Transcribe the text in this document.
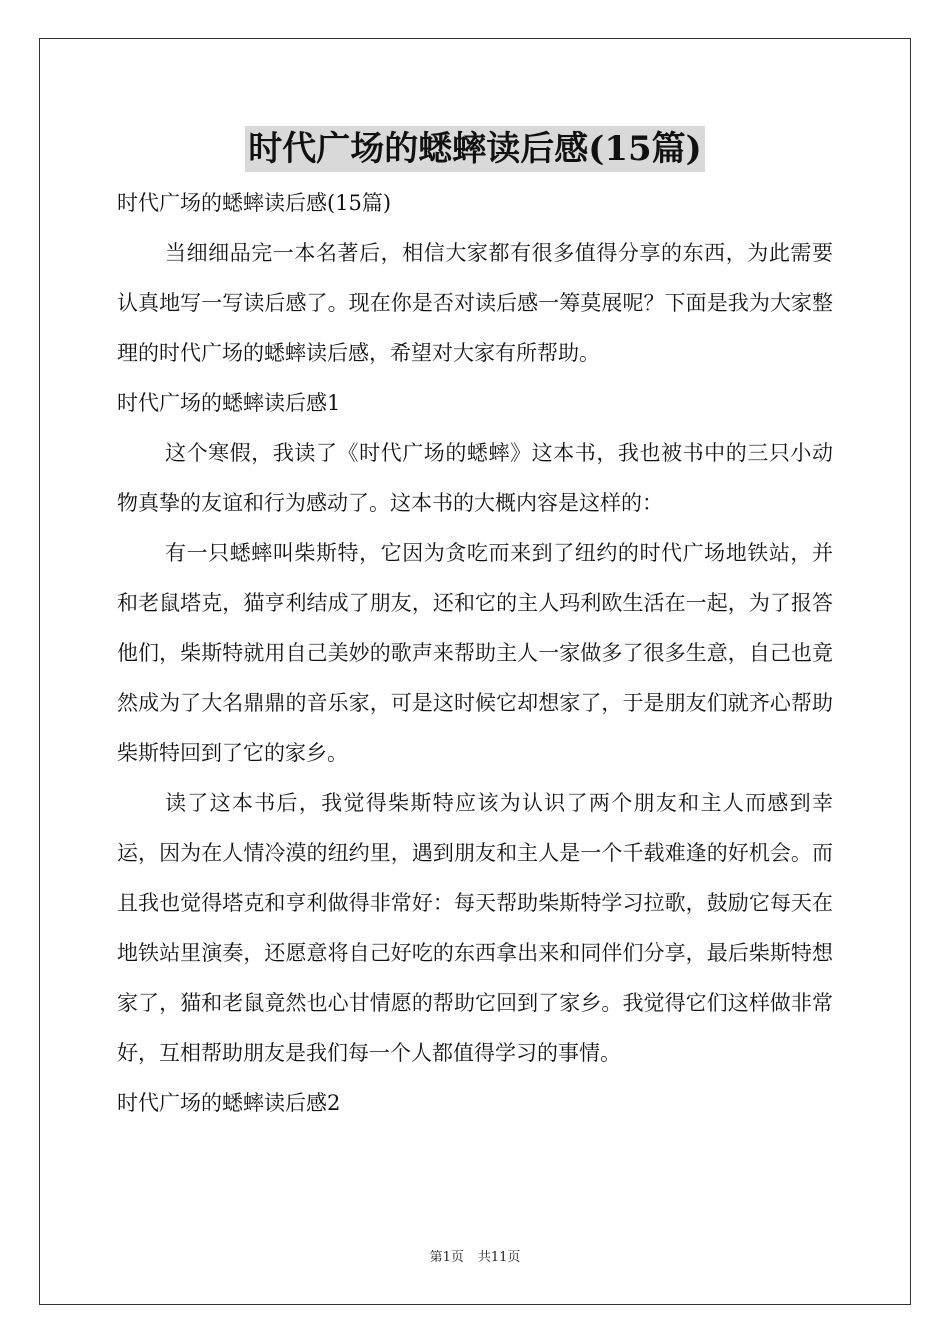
时代广场的蟋蟀读后感(15篇)

时代广场的蟋蟀读后感(15篇)

当细细品完一本名著后，相信大家都有很多值得分享的东西，为此需要认真地写一写读后感了。现在你是否对读后感一筹莫展呢？下面是我为大家整理的时代广场的蟋蟀读后感，希望对大家有所帮助。

时代广场的蟋蟀读后感1

这个寒假，我读了《时代广场的蟋蟀》这本书，我也被书中的三只小动物真挚的友谊和行为感动了。这本书的大概内容是这样的：

有一只蟋蟀叫柴斯特，它因为贪吃而来到了纽约的时代广场地铁站，并和老鼠塔克，猫亨利结成了朋友，还和它的主人玛利欧生活在一起，为了报答他们，柴斯特就用自己美妙的歌声来帮助主人一家做多了很多生意，自己也竟然成为了大名鼎鼎的音乐家，可是这时候它却想家了，于是朋友们就齐心帮助柴斯特回到了它的家乡。

读了这本书后，我觉得柴斯特应该为认识了两个朋友和主人而感到幸运，因为在人情冷漠的纽约里，遇到朋友和主人是一个千载难逢的好机会。而且我也觉得塔克和亨利做得非常好：每天帮助柴斯特学习拉歌，鼓励它每天在地铁站里演奏，还愿意将自己好吃的东西拿出来和同伴们分享，最后柴斯特想家了，猫和老鼠竟然也心甘情愿的帮助它回到了家乡。我觉得它们这样做非常好，互相帮助朋友是我们每一个人都值得学习的事情。

时代广场的蟋蟀读后感2

第1页 共11页
